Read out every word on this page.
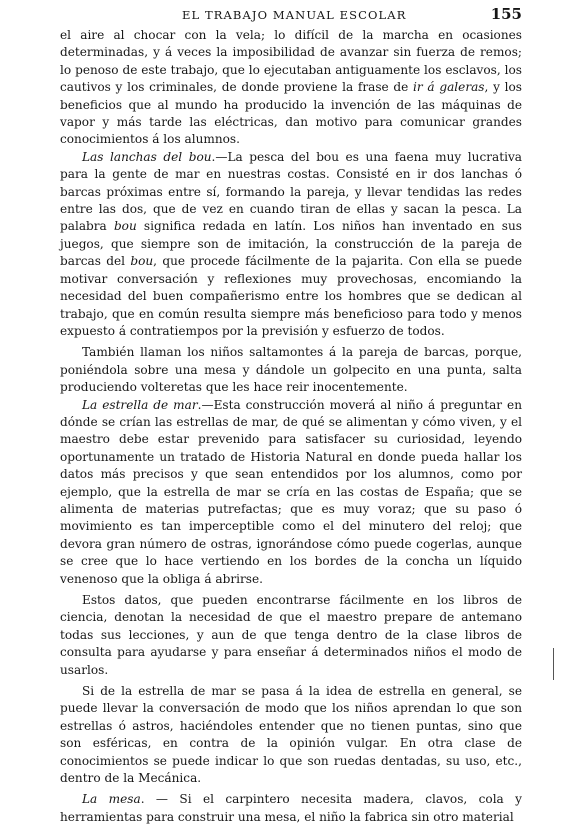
EL TRABAJO MANUAL ESCOLAR	155

el aire al chocar con la vela; lo difícil de la marcha en ocasiones determinadas, y á veces la imposibilidad de avanzar sin fuerza de remos; lo penoso de este trabajo, que lo ejecutaban antiguamente los esclavos, los cautivos y los criminales, de donde proviene la frase de ir á galeras, y los beneficios que al mundo ha producido la invención de las máquinas de vapor y más tarde las eléctricas, dan motivo para comunicar grandes conocimientos á los alumnos.

Las lanchas del bou.—La pesca del bou es una faena muy lucrativa para la gente de mar en nuestras costas. Consisté en ir dos lanchas ó barcas próximas entre sí, formando la pareja, y llevar tendidas las redes entre las dos, que de vez en cuando tiran de ellas y sacan la pesca. La palabra bou significa redada en latín. Los niños han inventado en sus juegos, que siempre son de imitación, la construcción de la pareja de barcas del bou, que procede fácilmente de la pajarita. Con ella se puede motivar conversación y reflexiones muy provechosas, encomiando la necesidad del buen compañerismo entre los hombres que se dedican al trabajo, que en común resulta siempre más beneficioso para todo y menos expuesto á contratiempos por la previsión y esfuerzo de todos.

También llaman los niños saltamontes á la pareja de barcas, porque, poniéndola sobre una mesa y dándole un golpecito en una punta, salta produciendo volteretas que les hace reir inocentemente.

La estrella de mar.—Esta construcción moverá al niño á preguntar en dónde se crían las estrellas de mar, de qué se alimentan y cómo viven, y el maestro debe estar prevenido para satisfacer su curiosidad, leyendo oportunamente un tratado de Historia Natural en donde pueda hallar los datos más precisos y que sean entendidos por los alumnos, como por ejemplo, que la estrella de mar se cría en las costas de España; que se alimenta de materias putrefactas; que es muy voraz; que su paso ó movimiento es tan imperceptible como el del minutero del reloj; que devora gran número de ostras, ignorándose cómo puede cogerlas, aunque se cree que lo hace vertiendo en los bordes de la concha un líquido venenoso que la obliga á abrirse.

Estos datos, que pueden encontrarse fácilmente en los libros de ciencia, denotan la necesidad de que el maestro prepare de antemano todas sus lecciones, y aun de que tenga dentro de la clase libros de consulta para ayudarse y para enseñar á determinados niños el modo de usarlos.

Si de la estrella de mar se pasa á la idea de estrella en general, se puede llevar la conversación de modo que los niños aprendan lo que son estrellas ó astros, haciéndoles entender que no tienen puntas, sino que son esféricas, en contra de la opinión vulgar. En otra clase de conocimientos se puede indicar lo que son ruedas dentadas, su uso, etc., dentro de la Mecánica.

La mesa. — Si el carpintero necesita madera, clavos, cola y herramientas para construir una mesa, el niño la fabrica sin otro material
